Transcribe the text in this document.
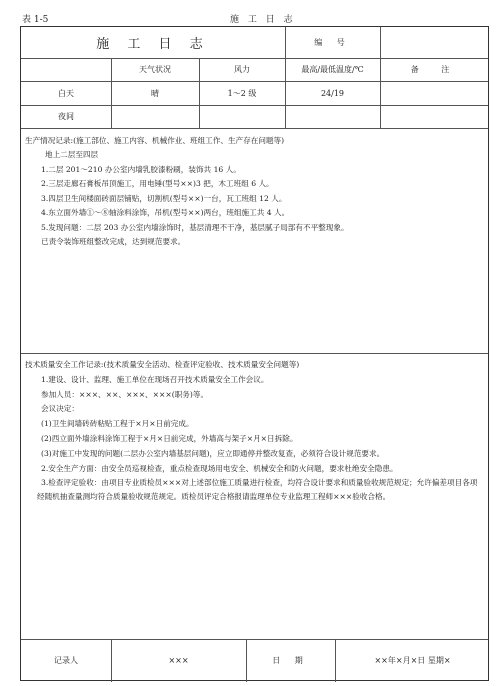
表 1-5	施 工 日 志
施 工 日 志	编 号
天气状况	风力	最高/最低温度/℃	备 注
白天	晴	1～2 级	24/19
夜间
生产情况记录:(施工部位、施工内容、机械作业、班组工作、生产存在问题等)
地上二层至四层
1.二层 201～210 办公室内墙乳胶漆粉刷，装饰共 16 人。
2.三层走廊石膏板吊顶施工，用电锤(型号××)3 把，木工班组 6 人。
3.四层卫生间楼面砖面层铺贴，切割机(型号××)一台，瓦工班组 12 人。
4.东立面外墙①～⑧轴涂料涂饰，吊机(型号××)两台，班组施工共 4 人。
5.发现问题：二层 203 办公室内墙涂饰时，基层清理不干净，基层腻子局部有不平整现象。
已责令装饰班组整改完成，达到规范要求。
技术质量安全工作记录:(技术质量安全活动、检查评定验收、技术质量安全问题等)
1.建设、设计、监理、施工单位在现场召开技术质量安全工作会议。
参加人员：×××、××、×××、×××(职务)等。
会议决定：
(1)卫生间墙砖砖粘贴工程于×月×日前完成。
(2)西立面外墙涂料涂饰工程于×月×日前完成，外墙高与架子×月×日拆除。
(3)对施工中发现的问题(二层办公室内墙基层问题)，应立即通停并整改复查，必须符合设计规范要求。
2.安全生产方面：由安全员巡视检查，重点检查现场用电安全、机械安全和防火问题，要求杜绝安全隐患。
3.检查评定验收：由项目专业质检员×××对上述部位施工质量进行检查，均符合设计要求和质量验收规范规定；允许偏差项目各项经随机抽查量测均符合质量验收规范规定。质检员评定合格报请监理单位专业监理工程师×××验收合格。
记录人	×××	日 期	××年×月×日 星期×
